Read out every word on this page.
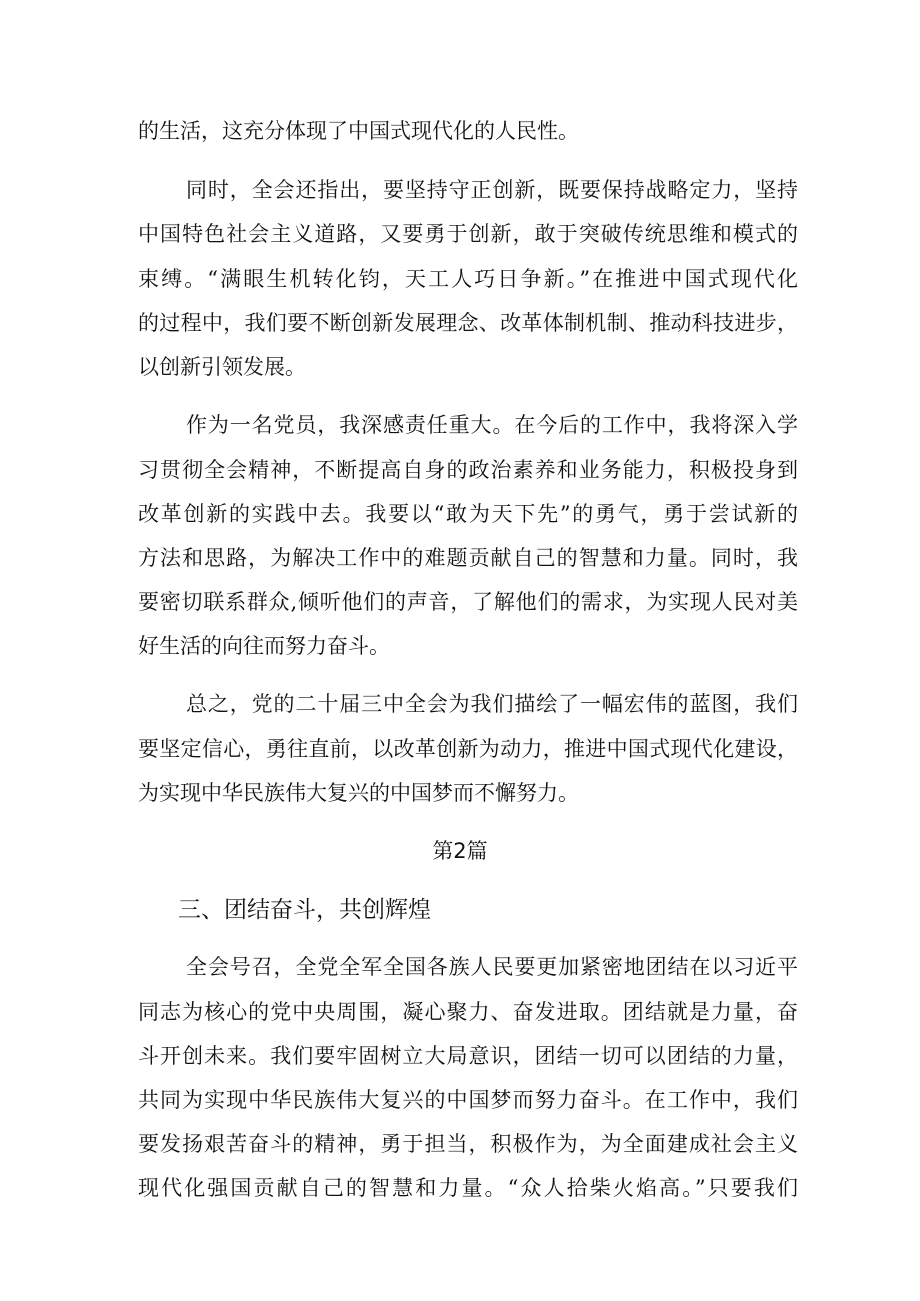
的生活，这充分体现了中国式现代化的人民性。
同时，全会还指出，要坚持守正创新，既要保持战略定力，坚持
中国特色社会主义道路，又要勇于创新，敢于突破传统思维和模式的
束缚。“满眼生机转化钧，天工人巧日争新。”在推进中国式现代化
的过程中，我们要不断创新发展理念、改革体制机制、推动科技进步，
以创新引领发展。
作为一名党员，我深感责任重大。在今后的工作中，我将深入学
习贯彻全会精神，不断提高自身的政治素养和业务能力，积极投身到
改革创新的实践中去。我要以“敢为天下先”的勇气，勇于尝试新的
方法和思路，为解决工作中的难题贡献自己的智慧和力量。同时，我
要密切联系群众,倾听他们的声音，了解他们的需求，为实现人民对美
好生活的向往而努力奋斗。
总之，党的二十届三中全会为我们描绘了一幅宏伟的蓝图，我们
要坚定信心，勇往直前，以改革创新为动力，推进中国式现代化建设，
为实现中华民族伟大复兴的中国梦而不懈努力。
第2篇
三、团结奋斗，共创辉煌
全会号召，全党全军全国各族人民要更加紧密地团结在以习近平
同志为核心的党中央周围，凝心聚力、奋发进取。团结就是力量，奋
斗开创未来。我们要牢固树立大局意识，团结一切可以团结的力量，
共同为实现中华民族伟大复兴的中国梦而努力奋斗。在工作中，我们
要发扬艰苦奋斗的精神，勇于担当，积极作为，为全面建成社会主义
现代化强国贡献自己的智慧和力量。“众人拾柴火焰高。”只要我们
